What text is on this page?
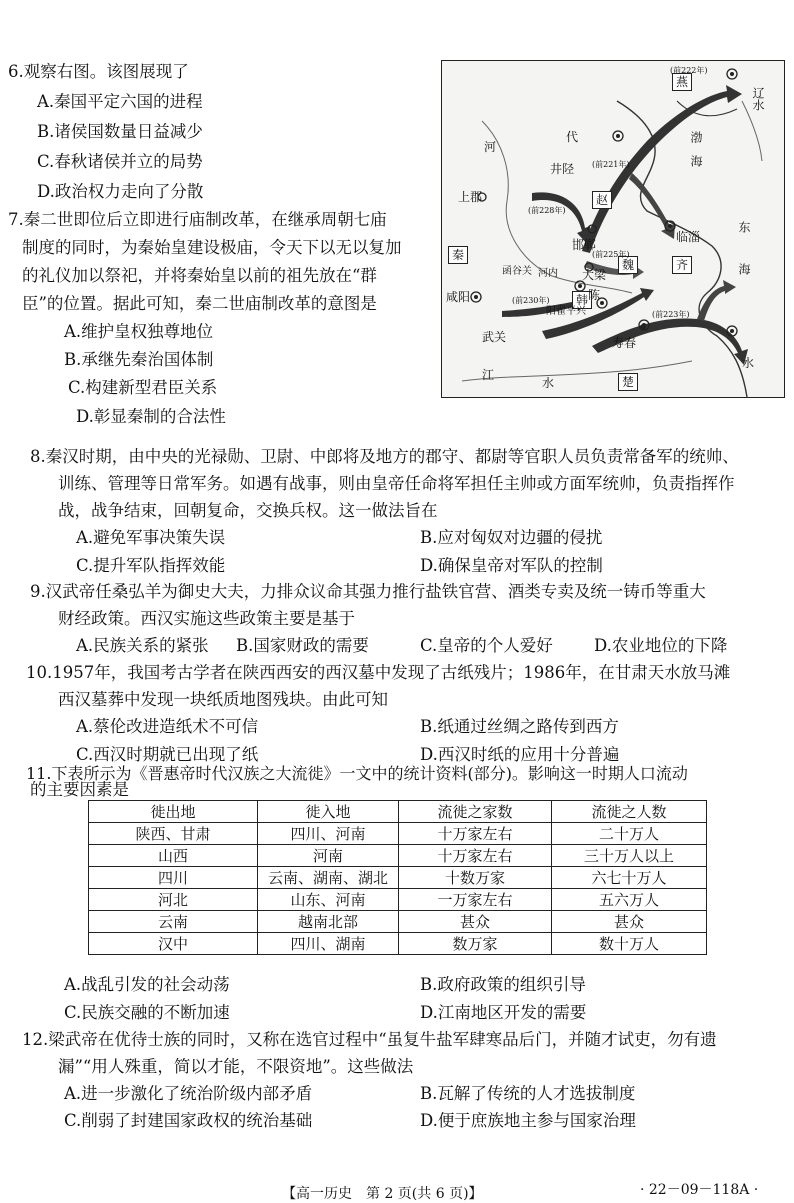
6.观察右图。该图展现了
A.秦国平定六国的进程
B.诸侯国数量日益减少
C.春秋诸侯并立的局势
D.政治权力走向了分散
7.秦二世即位后立即进行庙制改革，在继承周朝七庙
制度的同时，为秦始皇建设极庙，令天下以无以复加
的礼仪加以祭祀，并将秦始皇以前的祖先放在“群
臣”的位置。据此可知，秦二世庙制改革的意图是
A.维护皇权独尊地位
B.承继先秦治国体制
C.构建新型君臣关系
D.彰显秦制的合法性
燕
赵
齐
秦
魏
韩
楚
代
井陉
上郡
邯郸
临淄
咸阳
大梁
陈
寿春
武关
函谷关 河内
阳翟平兴
河
辽水
渤海
东海
江
水
水
(前222年)
(前228年)
(前225年)
(前230年)
(前223年)
(前221年)
8.秦汉时期，由中央的光禄勋、卫尉、中郎将及地方的郡守、都尉等官职人员负责常备军的统帅、
训练、管理等日常军务。如遇有战事，则由皇帝任命将军担任主帅或方面军统帅，负责指挥作
战，战争结束，回朝复命，交换兵权。这一做法旨在
A.避免军事决策失误	B.应对匈奴对边疆的侵扰
C.提升军队指挥效能	D.确保皇帝对军队的控制
9.汉武帝任桑弘羊为御史大夫，力排众议命其强力推行盐铁官营、酒类专卖及统一铸币等重大
财经政策。西汉实施这些政策主要是基于
A.民族关系的紧张 B.国家财政的需要	C.皇帝的个人爱好 D.农业地位的下降
10.1957年，我国考古学者在陕西西安的西汉墓中发现了古纸残片；1986年，在甘肃天水放马滩
西汉墓葬中发现一块纸质地图残块。由此可知
A.蔡伦改进造纸术不可信	B.纸通过丝绸之路传到西方
C.西汉时期就已出现了纸	D.西汉时纸的应用十分普遍
11.下表所示为《晋惠帝时代汉族之大流徙》一文中的统计资料(部分)。影响这一时期人口流动
的主要因素是
徙出地	徙入地	流徙之家数	流徙之人数
陕西、甘肃	四川、河南	十万家左右	二十万人
山西	河南	十万家左右	三十万人以上
四川	云南、湖南、湖北	十数万家	六七十万人
河北	山东、河南	一万家左右	五六万人
云南	越南北部	甚众	甚众
汉中	四川、湖南	数万家	数十万人
A.战乱引发的社会动荡	B.政府政策的组织引导
C.民族交融的不断加速	D.江南地区开发的需要
12.梁武帝在优待士族的同时，又称在选官过程中“虽复牛盐军肆寒品后门，并随才试吏，勿有遗
漏”“用人殊重，简以才能，不限资地”。这些做法
A.进一步激化了统治阶级内部矛盾	B.瓦解了传统的人才选拔制度
C.削弱了封建国家政权的统治基础	D.便于庶族地主参与国家治理
【高一历史　第 2 页(共 6 页)】	· 22－09－118A ·
